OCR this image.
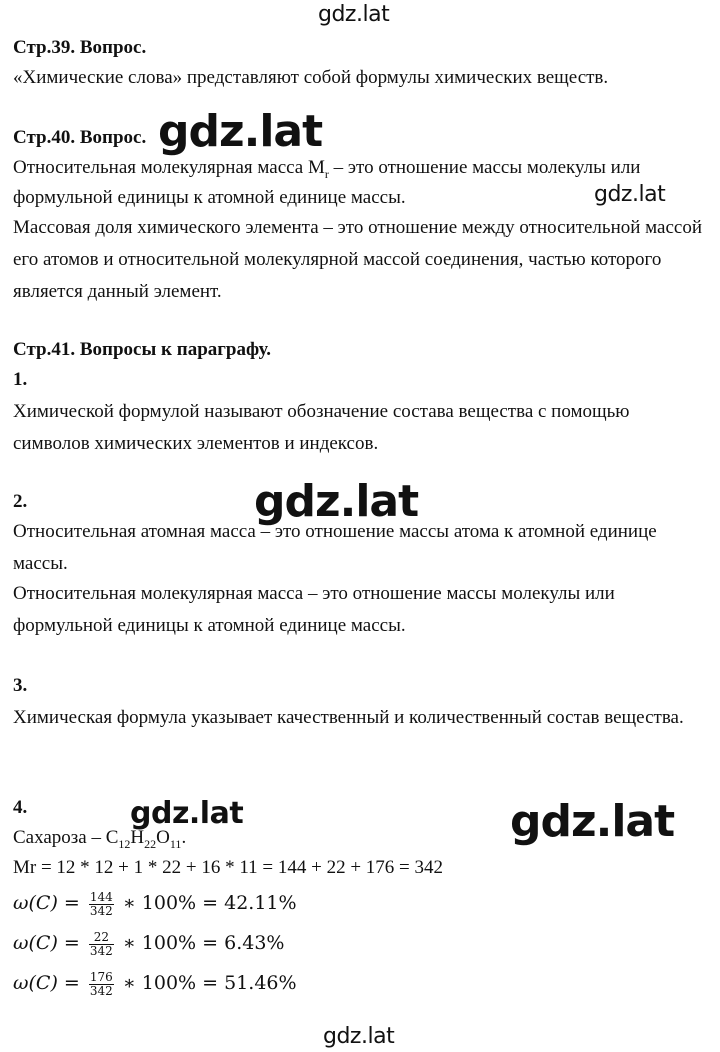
gdz.lat
gdz.lat
gdz.lat
gdz.lat
gdz.lat
gdz.lat
gdz.lat
Стр.39. Вопрос.
«Химические слова» представляют собой формулы химических веществ.
Стр.40. Вопрос.
Относительная молекулярная масса $M_r$ – это отношение массы молекулы или
формульной единицы к атомной единице массы.
Массовая доля химического элемента – это отношение между относительной массой его атомов и относительной молекулярной массой соединения, частью которого является данный элемент.
Стр.41. Вопросы к параграфу.
1.
Химической формулой называют обозначение состава вещества с помощью символов химических элементов и индексов.
2.
Относительная атомная масса – это отношение массы атома к атомной единице массы.
Относительная молекулярная масса – это отношение массы молекулы или формульной единицы к атомной единице массы.
3.
Химическая формула указывает качественный и количественный состав вещества.
4.
Сахароза – $C_{12}H_{22}O_{11}$.
Mr = 12 * 12 + 1 * 22 + 16 * 11 = 144 + 22 + 176 = 342
$\omega(C) = \frac{144}{342}$ ∗ 100% = 42.11%
$\omega(C) = \frac{22}{342}$ ∗ 100% = 6.43%
$\omega(C) = \frac{176}{342}$ ∗ 100% = 51.46%
